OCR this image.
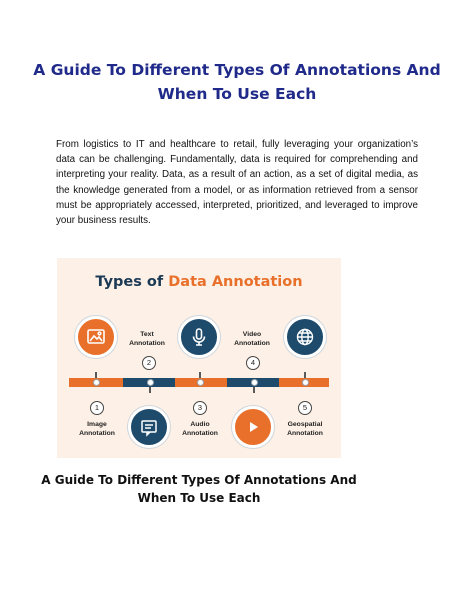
A Guide To Different Types Of Annotations And
When To Use Each

From logistics to IT and healthcare to retail, fully leveraging your organization’s data can be challenging. Fundamentally, data is required for comprehending and interpreting your reality. Data, as a result of an action, as a set of digital media, as the knowledge generated from a model, or as information retrieved from a sensor must be appropriately accessed, interpreted, prioritized, and leveraged to improve your business results.

Types of Data Annotation
1
Image
Annotation
Text
Annotation
2
3
Audio
Annotation
Video
Annotation
4
5
Geospatial
Annotation

A Guide To Different Types Of Annotations And
When To Use Each
